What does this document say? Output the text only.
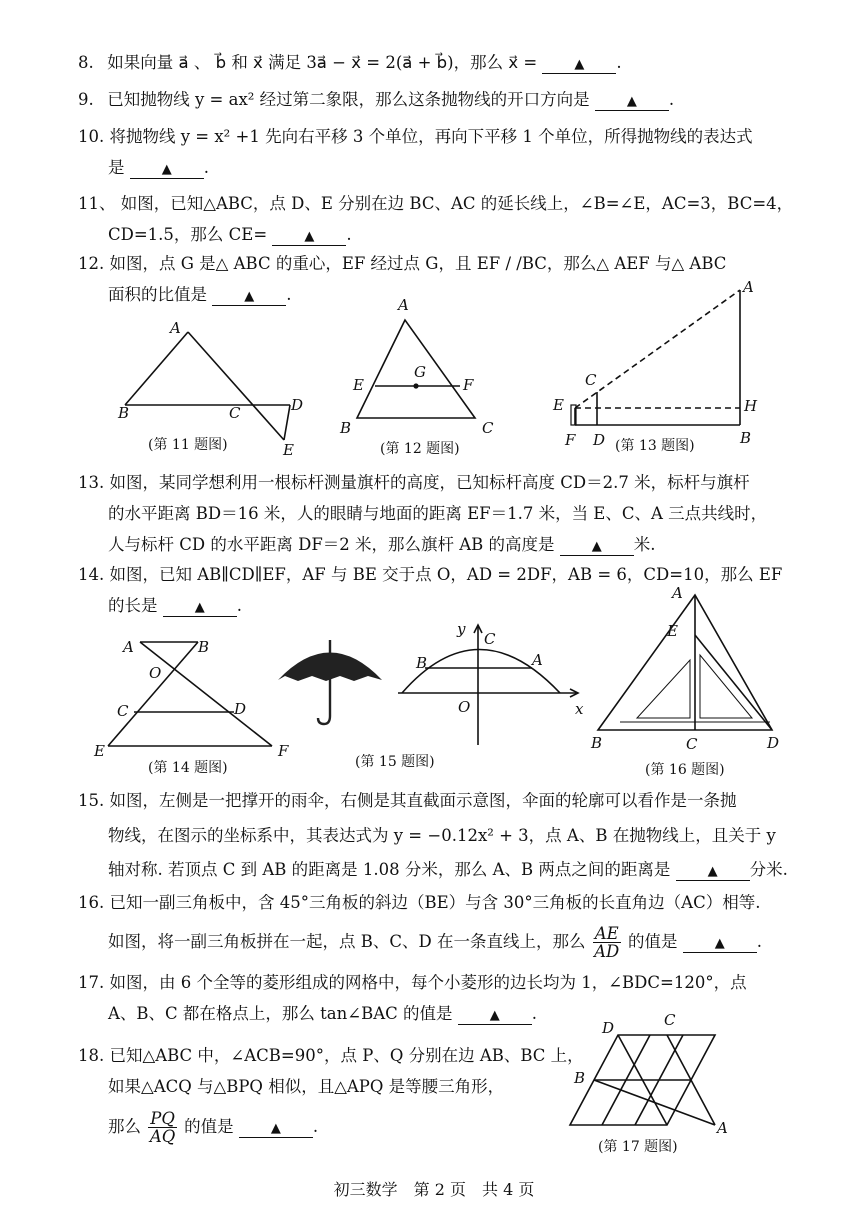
8. 如果向量 a⃗ 、 b⃗ 和 x⃗ 满足 3a⃗ − x⃗ = 2(a⃗ + b⃗)，那么 x⃗ =	▲ .
9. 已知抛物线 y = ax² 经过第二象限，那么这条抛物线的开口方向是	▲ .
10. 将抛物线 y = x² +1 先向右平移 3 个单位，再向下平移 1 个单位，所得抛物线的表达式
是	▲ .
11、 如图，已知△ABC，点 D、E 分别在边 BC、AC 的延长线上，∠B=∠E，AC=3，BC=4，
CD=1.5，那么 CE=	▲ .
12. 如图，点 G 是△ ABC 的重心，EF 经过点 G，且 EF / /BC，那么△ AEF 与△ ABC
面积的比值是	▲ .
13. 如图，某同学想利用一根标杆测量旗杆的高度，已知标杆高度 CD＝2.7 米，标杆与旗杆
的水平距离 BD＝16 米，人的眼睛与地面的距离 EF＝1.7 米，当 E、C、A 三点共线时，
人与标杆 CD 的水平距离 DF＝2 米，那么旗杆 AB 的高度是	▲ 米.
14. 如图，已知 AB∥CD∥EF，AF 与 BE 交于点 O，AD = 2DF，AB = 6，CD=10，那么 EF
的长是	▲ .
15. 如图，左侧是一把撑开的雨伞，右侧是其直截面示意图，伞面的轮廓可以看作是一条抛
物线，在图示的坐标系中，其表达式为 y = −0.12x² + 3，点 A、B 在抛物线上，且关于 y
轴对称. 若顶点 C 到 AB 的距离是 1.08 分米，那么 A、B 两点之间的距离是	▲ 分米.
16. 已知一副三角板中，含 45°三角板的斜边（BE）与含 30°三角板的长直角边（AC）相等.
如图，将一副三角板拼在一起，点 B、C、D 在一条直线上，那么 $\frac{AE}{AD}$ 的值是	▲ .
17. 如图，由 6 个全等的菱形组成的网格中，每个小菱形的边长均为 1，∠BDC=120°，点
A、B、C 都在格点上，那么 tan∠BAC 的值是	▲ .
18. 已知△ABC 中，∠ACB=90°，点 P、Q 分别在边 AB、BC 上，
如果△ACQ 与△BPQ 相似，且△APQ 是等腰三角形，
那么 $\frac{PQ}{AQ}$ 的值是	▲ .
A
B	C	D
E
A
E
G
F
B	C
A
C
E	H
F D	B
A	B
O
C	D
E	F
y
C
B	A
O	x
A
E
B	C	D
D	C
B
A
(第 11 题图)	(第 12 题图)	(第 13 题图)
(第 14 题图)	(第 15 题图)	(第 16 题图)
(第 17 题图)
初三数学　第 2 页　共 4 页
